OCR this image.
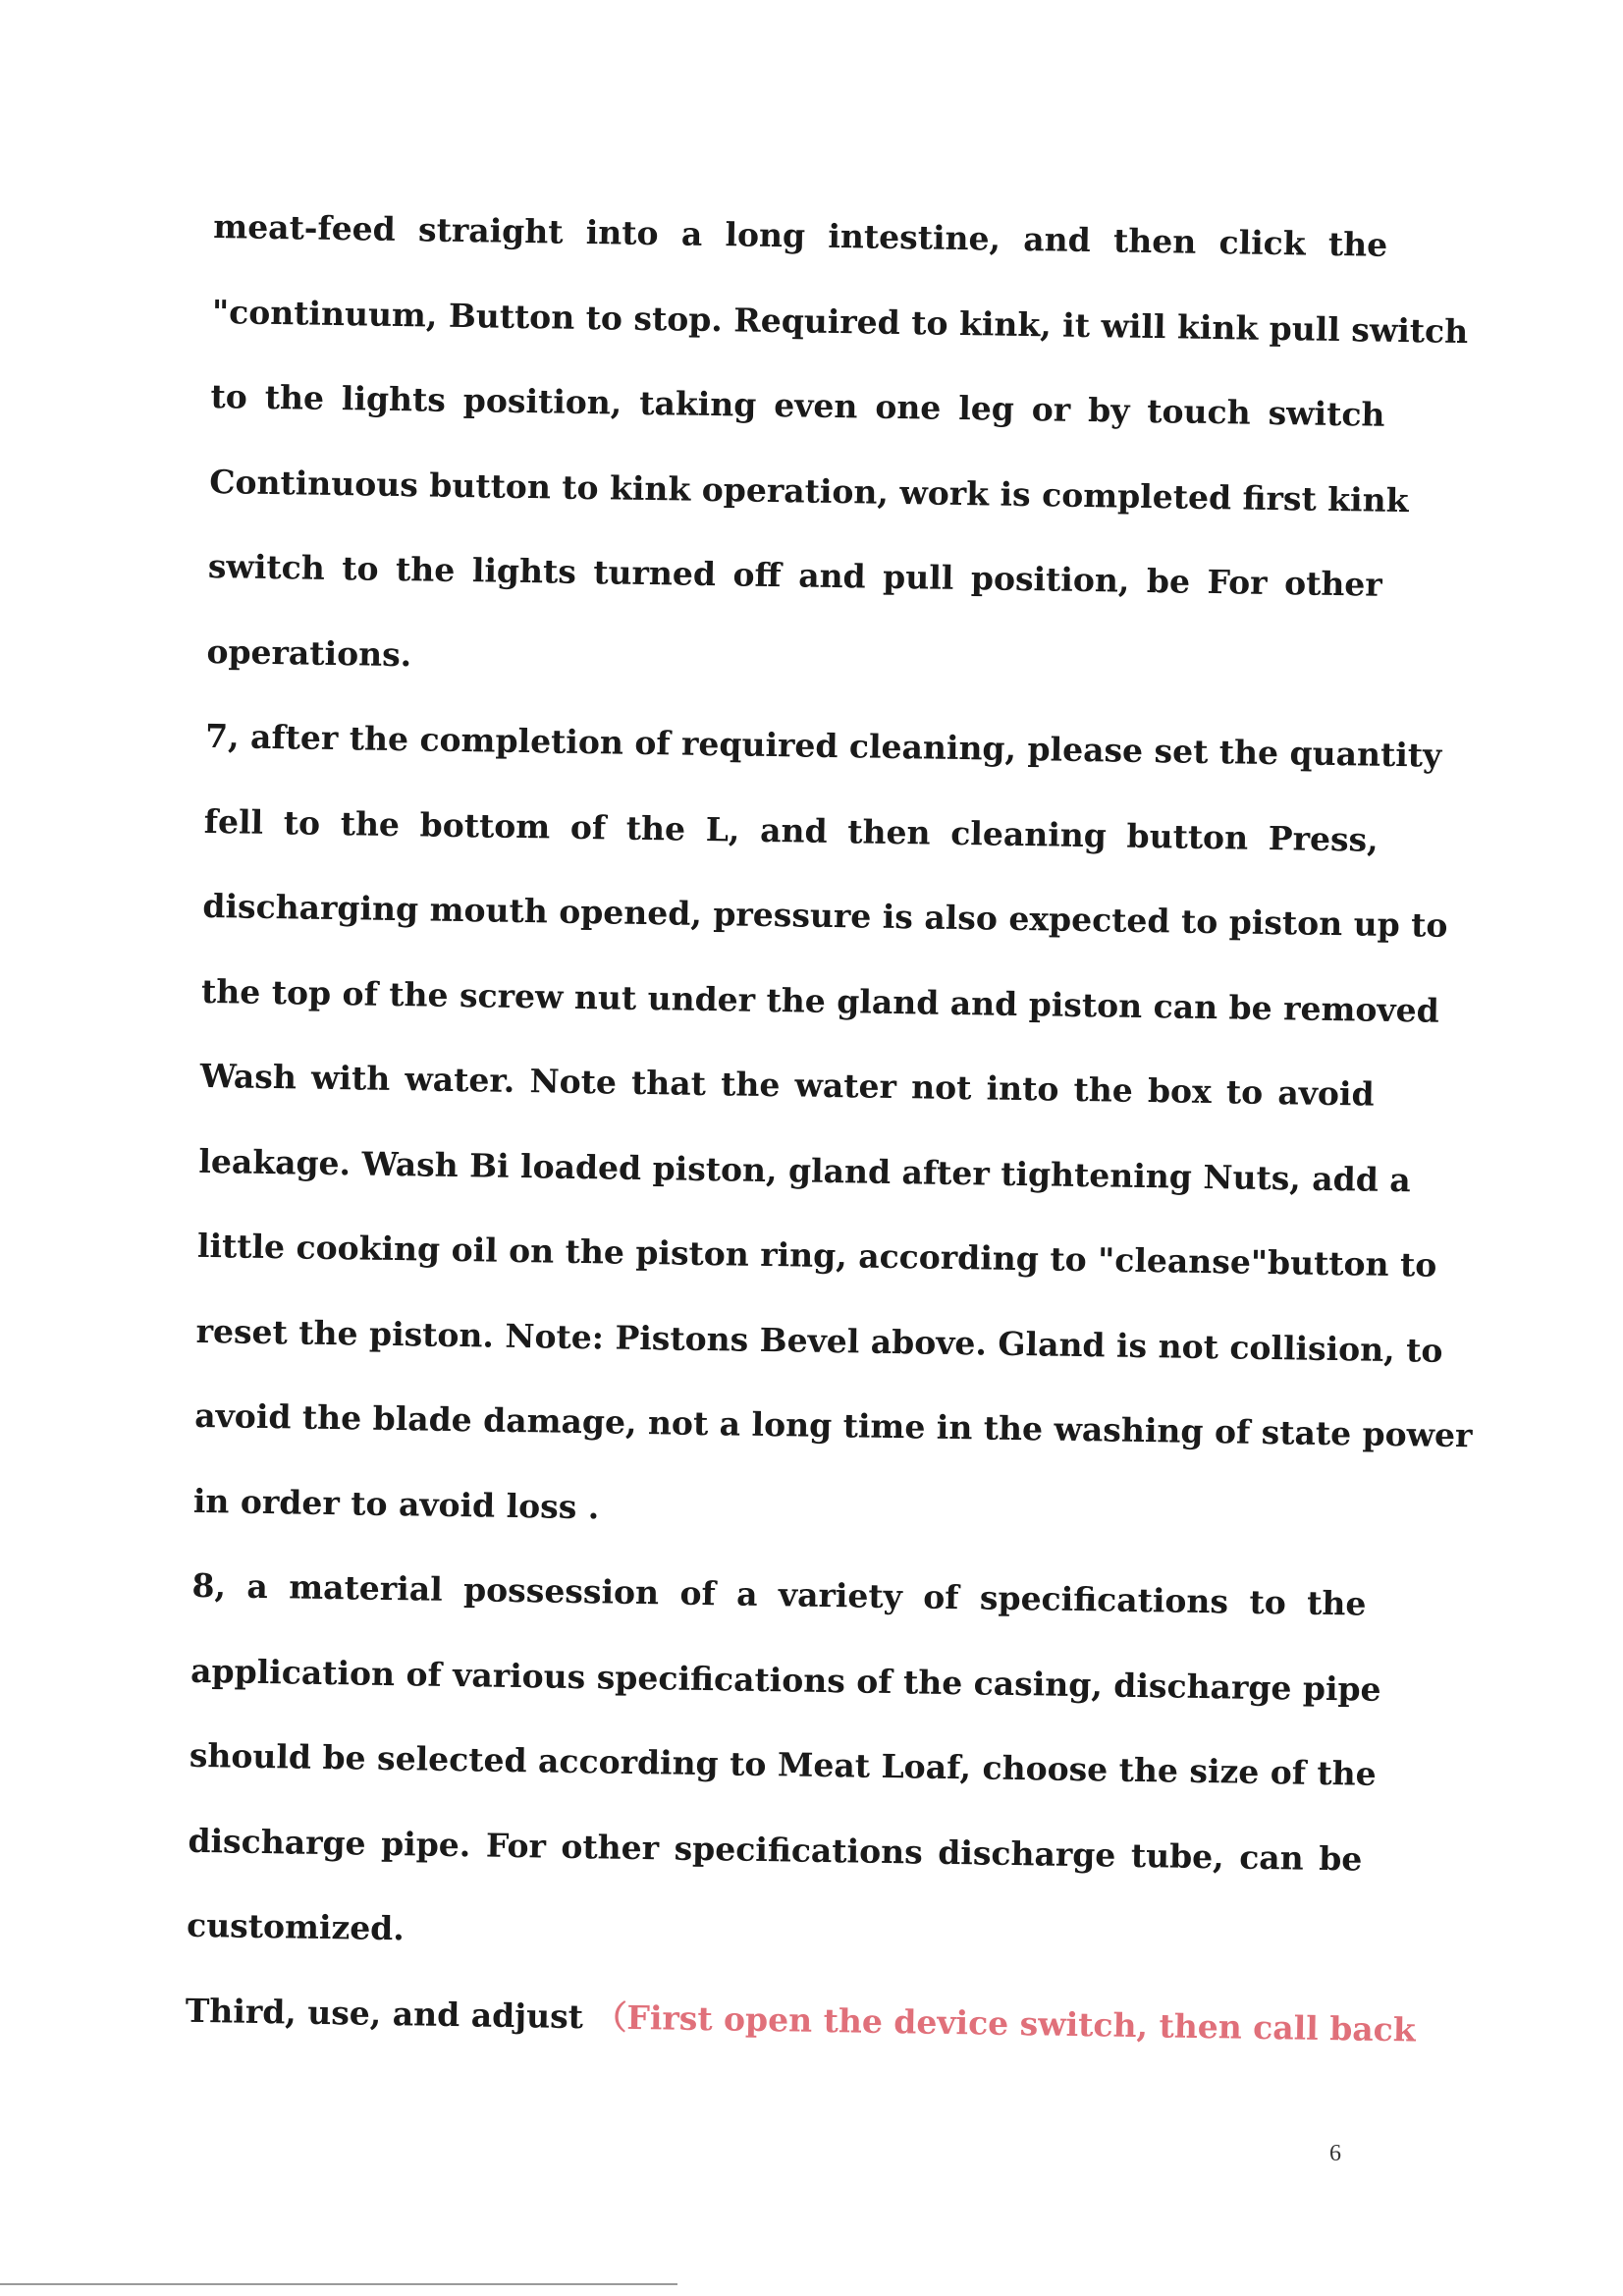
meat-feed straight into a long intestine, and then click the
"continuum, Button to stop. Required to kink, it will kink pull switch
to the lights position, taking even one leg or by touch switch
Continuous button to kink operation, work is completed first kink
switch to the lights turned off and pull position, be For other
operations.
7, after the completion of required cleaning, please set the quantity
fell to the bottom of the L, and then cleaning button Press,
discharging mouth opened, pressure is also expected to piston up to
the top of the screw nut under the gland and piston can be removed
Wash with water. Note that the water not into the box to avoid
leakage. Wash Bi loaded piston, gland after tightening Nuts, add a
little cooking oil on the piston ring, according to "cleanse"button to
reset the piston. Note: Pistons Bevel above. Gland is not collision, to
avoid the blade damage, not a long time in the washing of state power
in order to avoid loss .
8, a material possession of a variety of specifications to the
application of various specifications of the casing, discharge pipe
should be selected according to Meat Loaf, choose the size of the
discharge pipe. For other specifications discharge tube, can be
customized.
Third, use, and adjust （First open the device switch, then call back
6
